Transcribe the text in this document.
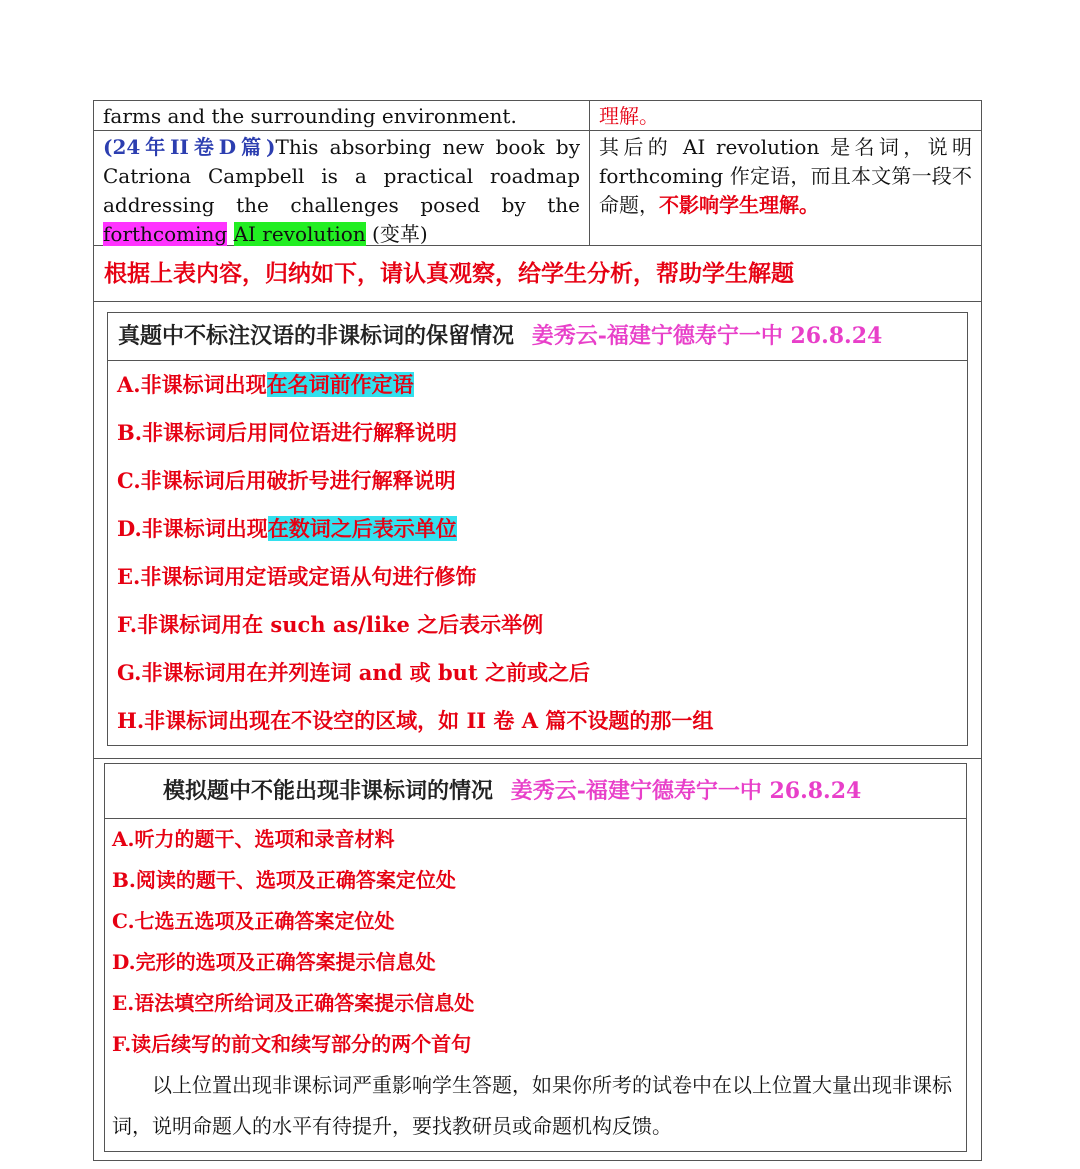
farms and the surrounding environment.	理解。
(24年II卷D篇)This absorbing new book by Catriona Campbell is a practical roadmap addressing the challenges posed by the forthcoming AI revolution (变革)
其后的 AI revolution 是名词，说明 forthcoming 作定语，而且本文第一段不命题，不影响学生理解。
根据上表内容，归纳如下，请认真观察，给学生分析，帮助学生解题
真题中不标注汉语的非课标词的保留情况 姜秀云-福建宁德寿宁一中 26.8.24
A.非课标词出现在名词前作定语
B.非课标词后用同位语进行解释说明
C.非课标词后用破折号进行解释说明
D.非课标词出现在数词之后表示单位
E.非课标词用定语或定语从句进行修饰
F.非课标词用在 such as/like 之后表示举例
G.非课标词用在并列连词 and 或 but 之前或之后
H.非课标词出现在不设空的区域，如 II 卷 A 篇不设题的那一组
模拟题中不能出现非课标词的情况 姜秀云-福建宁德寿宁一中 26.8.24
A.听力的题干、选项和录音材料
B.阅读的题干、选项及正确答案定位处
C.七选五选项及正确答案定位处
D.完形的选项及正确答案提示信息处
E.语法填空所给词及正确答案提示信息处
F.读后续写的前文和续写部分的两个首句
以上位置出现非课标词严重影响学生答题，如果你所考的试卷中在以上位置大量出现非课标词，说明命题人的水平有待提升，要找教研员或命题机构反馈。
